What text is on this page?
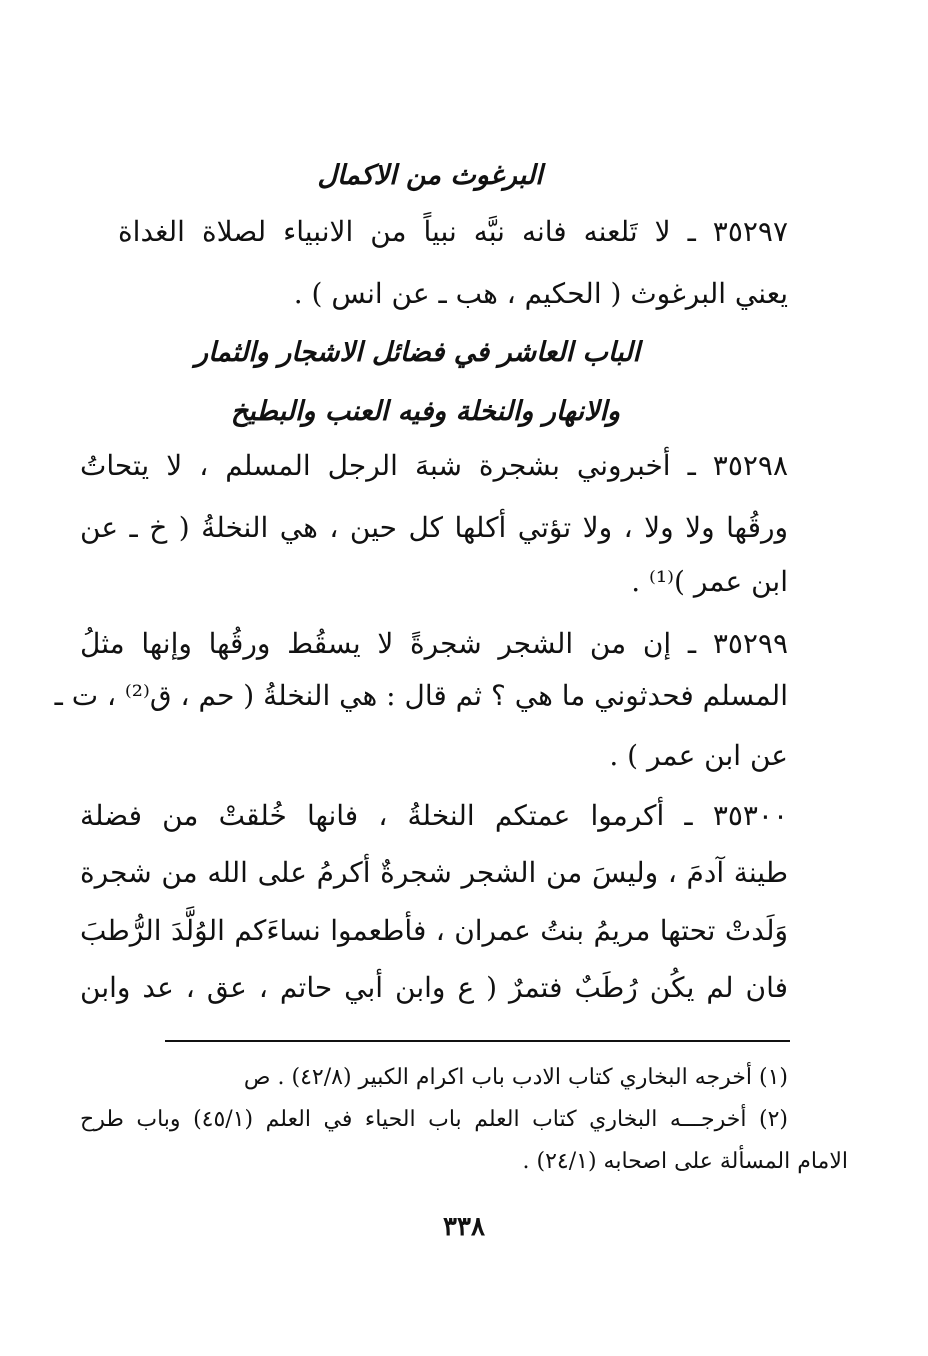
البرغوث من الاكمال
٣٥٢٩٧ ـ لا تَلعنه فانه نبَّه نبياً من الانبياء لصلاة الغداة
يعني البرغوث ( الحكيم ، هب ـ عن انس ) .
الباب العاشر في فضائل الاشجار والثمار
والانهار والنخلة وفيه العنب والبطيخ
٣٥٢٩٨ ـ أخبروني بشجرة شبهَ الرجل المسلم ، لا يتحاتُ
ورقُها ولا ولا ، ولا تؤتي أكلها كل حين ، هي النخلةُ ( خ ـ عن
ابن عمر )⁽¹⁾ .
٣٥٢٩٩ ـ إن من الشجر شجرةً لا يسقُط ورقُها وإنها مثلُ
المسلم فحدثوني ما هي ؟ ثم قال : هي النخلةُ ( حم ، ق⁽²⁾ ، ت ـ
عن ابن عمر ) .
٣٥٣٠٠ ـ أكرموا عمتكم النخلةُ ، فانها خُلقتْ من فضلة
طينة آدمَ ، وليسَ من الشجر شجرةٌ أكرمُ على الله من شجرة
وَلَدتْ تحتها مريمُ بنتُ عمران ، فأطعموا نساءَكم الوُلَّدَ الرُّطبَ
فان لم يكُن رُطَبٌ فتمرٌ ( ع وابن أبي حاتم ، عق ، عد وابن
(١) أخرجه البخاري كتاب الادب باب اكرام الكبير (٤٢/٨) . ص
(٢) أخرجـــه البخاري كتاب العلم باب الحياء في العلم (٤٥/١) وباب طرح
الامام المسألة على اصحابه (٢٤/١) .
٣٣٨
